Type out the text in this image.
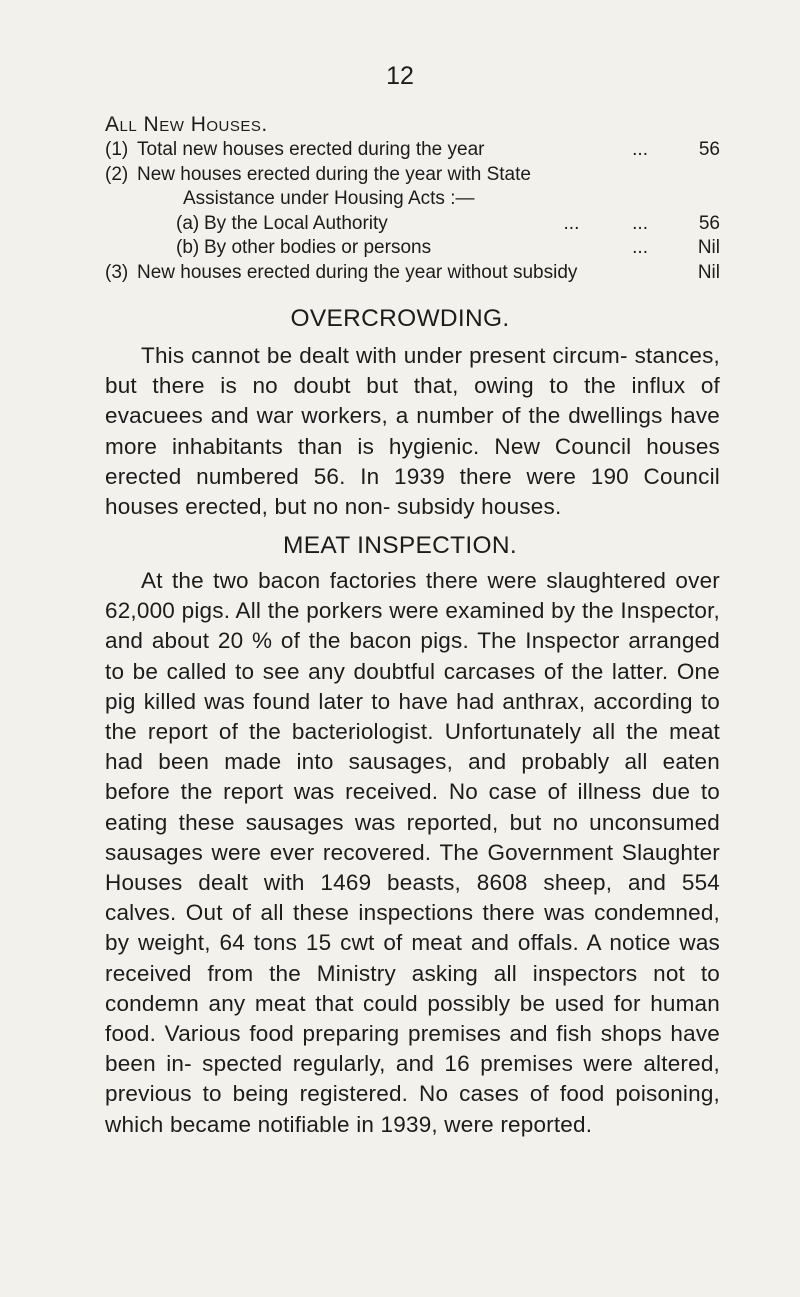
12
All New Houses.
(1) Total new houses erected during the year	...	56
(2) New houses erected during the year with State
Assistance under Housing Acts :—
(a) By the Local Authority	...          ...	56
(b) By other bodies or persons	...	Nil
(3) New houses erected during the year without subsidy	Nil
OVERCROWDING.
This cannot be dealt with under present circum- stances, but there is no doubt but that, owing to the influx of evacuees and war workers, a number of the dwellings have more inhabitants than is hygienic. New Council houses erected numbered 56. In 1939 there were 190 Council houses erected, but no non- subsidy houses.
MEAT INSPECTION.
At the two bacon factories there were slaughtered over 62,000 pigs. All the porkers were examined by the Inspector, and about 20 % of the bacon pigs. The Inspector arranged to be called to see any doubtful carcases of the latter. One pig killed was found later to have had anthrax, according to the report of the bacteriologist. Unfortunately all the meat had been made into sausages, and probably all eaten before the report was received. No case of illness due to eating these sausages was reported, but no unconsumed sausages were ever recovered. The Government Slaughter Houses dealt with 1469 beasts, 8608 sheep, and 554 calves. Out of all these inspections there was condemned, by weight, 64 tons 15 cwt of meat and offals. A notice was received from the Ministry asking all inspectors not to condemn any meat that could possibly be used for human food. Various food preparing premises and fish shops have been in- spected regularly, and 16 premises were altered, previous to being registered. No cases of food poisoning, which became notifiable in 1939, were reported.
